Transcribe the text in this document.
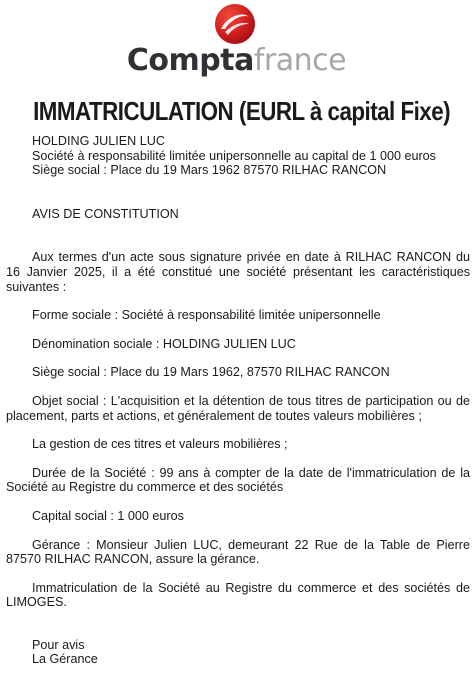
Comptafrance
IMMATRICULATION (EURL à capital Fixe)

HOLDING JULIEN LUC

Société à responsabilité limitée unipersonnelle au capital de 1 000 euros

Siège social : Place du 19 Mars 1962 87570 RILHAC RANCON

AVIS DE CONSTITUTION

Aux termes d'un acte sous signature privée en date à RILHAC RANCON du 16 Janvier 2025, il a été constitué une société présentant les caractéristiques suivantes :

Forme sociale : Société à responsabilité limitée unipersonnelle

Dénomination sociale : HOLDING JULIEN LUC

Siège social : Place du 19 Mars 1962, 87570 RILHAC RANCON

Objet social : L'acquisition et la détention de tous titres de participation ou de placement, parts et actions, et généralement de toutes valeurs mobilières ;

La gestion de ces titres et valeurs mobilières ;

Durée de la Société : 99 ans à compter de la date de l'immatriculation de la Société au Registre du commerce et des sociétés

Capital social : 1 000 euros

Gérance : Monsieur Julien LUC, demeurant 22 Rue de la Table de Pierre 87570 RILHAC RANCON, assure la gérance.

Immatriculation de la Société au Registre du commerce et des sociétés de LIMOGES.

Pour avis

La Gérance
